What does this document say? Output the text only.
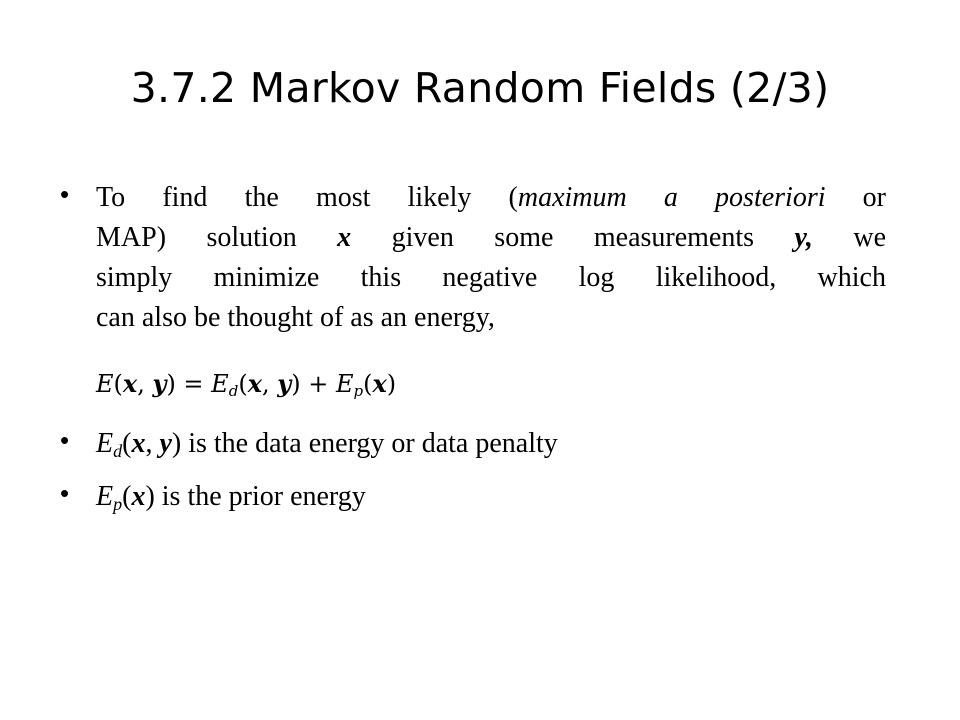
3.7.2 Markov Random Fields (2/3)
• To find the most likely (maximum a posteriori or
MAP) solution x given some measurements y, we
simply minimize this negative log likelihood, which
can also be thought of as an energy,
E(x, $y) = E_d(x$, $y) + E_p(x)$
• $E_d(x$, y) is the data energy or data penalty
• $E_p(x)$ is the prior energy
